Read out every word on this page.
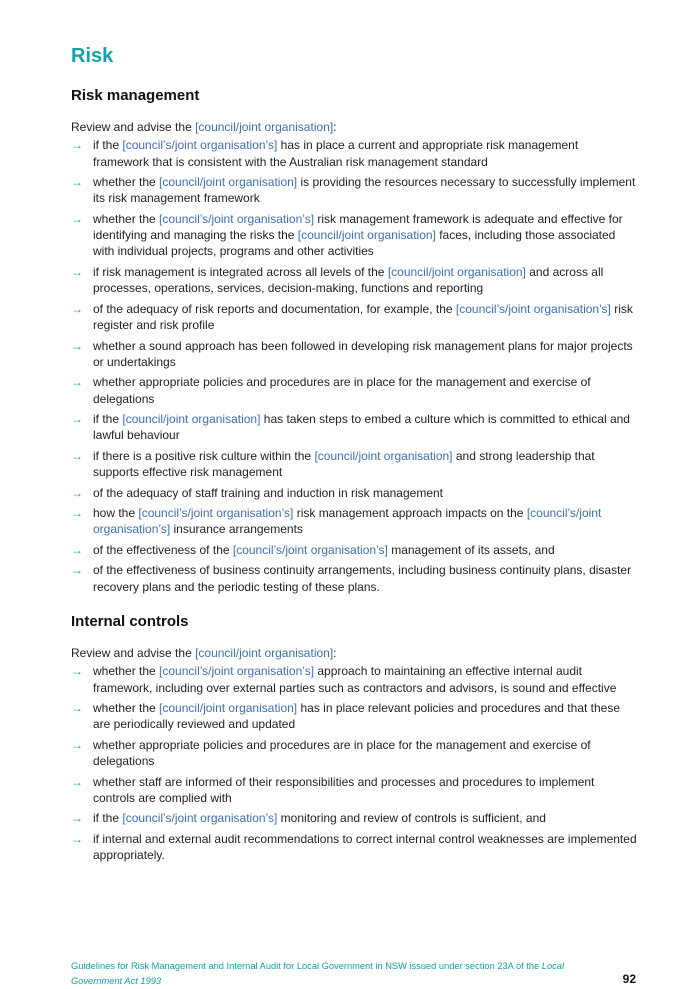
Risk
Risk management

Review and advise the [council/joint organisation]:

→ if the [council’s/joint organisation’s] has in place a current and appropriate risk management framework that is consistent with the Australian risk management standard
→ whether the [council/joint organisation] is providing the resources necessary to successfully implement its risk management framework
→ whether the [council’s/joint organisation’s] risk management framework is adequate and effective for identifying and managing the risks the [council/joint organisation] faces, including those associated with individual projects, programs and other activities
→ if risk management is integrated across all levels of the [council/joint organisation] and across all processes, operations, services, decision-making, functions and reporting
→ of the adequacy of risk reports and documentation, for example, the [council’s/joint organisation’s] risk register and risk profile
→ whether a sound approach has been followed in developing risk management plans for major projects or undertakings
→ whether appropriate policies and procedures are in place for the management and exercise of delegations
→ if the [council/joint organisation] has taken steps to embed a culture which is committed to ethical and lawful behaviour
→ if there is a positive risk culture within the [council/joint organisation] and strong leadership that supports effective risk management
→ of the adequacy of staff training and induction in risk management
→ how the [council’s/joint organisation’s] risk management approach impacts on the [council’s/joint organisation’s] insurance arrangements
→ of the effectiveness of the [council’s/joint organisation’s] management of its assets, and
→ of the effectiveness of business continuity arrangements, including business continuity plans, disaster recovery plans and the periodic testing of these plans.
Internal controls

Review and advise the [council/joint organisation]:

→ whether the [council’s/joint organisation’s] approach to maintaining an effective internal audit framework, including over external parties such as contractors and advisors, is sound and effective
→ whether the [council/joint organisation] has in place relevant policies and procedures and that these are periodically reviewed and updated
→ whether appropriate policies and procedures are in place for the management and exercise of delegations
→ whether staff are informed of their responsibilities and processes and procedures to implement controls are complied with
→ if the [council’s/joint organisation’s] monitoring and review of controls is sufficient, and
→ if internal and external audit recommendations to correct internal control weaknesses are implemented appropriately.
Guidelines for Risk Management and Internal Audit for Local Government in NSW issued under section 23A of the Local Government Act 1993	92
